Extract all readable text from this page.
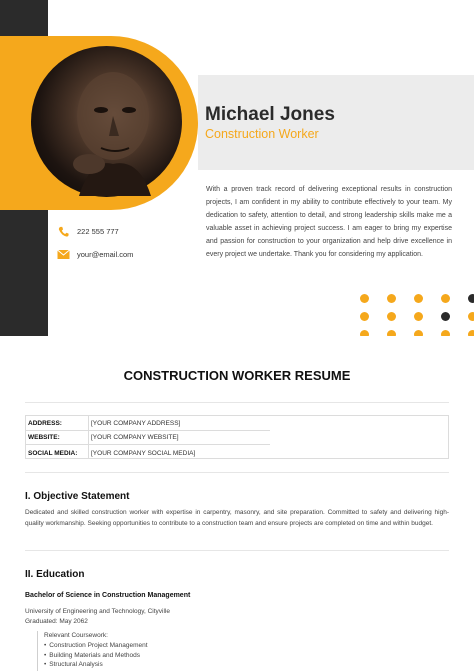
Michael Jones
Construction Worker
With a proven track record of delivering exceptional results in construction projects, I am confident in my ability to contribute effectively to your team. My dedication to safety, attention to detail, and strong leadership skills make me a valuable asset in achieving project success. I am eager to bring my expertise and passion for construction to your organization and help drive excellence in every project we undertake. Thank you for considering my application.
222 555 777
your@email.com
CONSTRUCTION WORKER RESUME
ADDRESS:	[YOUR COMPANY ADDRESS]
WEBSITE:	[YOUR COMPANY WEBSITE]
SOCIAL MEDIA:	[YOUR COMPANY SOCIAL MEDIA]
I. Objective Statement
Dedicated and skilled construction worker with expertise in carpentry, masonry, and site preparation. Committed to safety and delivering high-quality workmanship. Seeking opportunities to contribute to a construction team and ensure projects are completed on time and within budget.
II. Education
Bachelor of Science in Construction Management
University of Engineering and Technology, Cityville
Graduated: May 2062
Relevant Coursework:
• Construction Project Management
• Building Materials and Methods
• Structural Analysis
